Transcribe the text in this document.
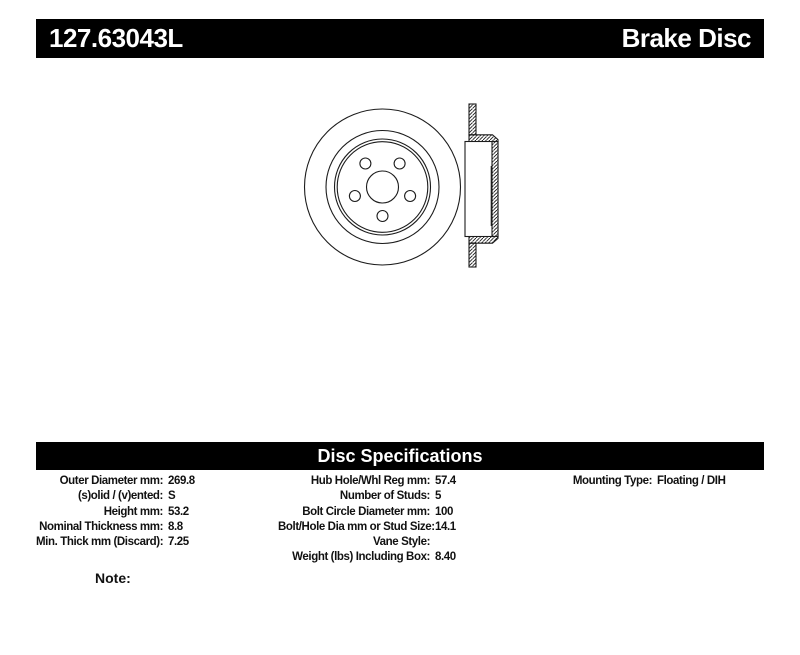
127.63043L	Brake Disc
Disc Specifications
Outer Diameter mm: 269.8
(s)olid / (v)ented: S
Height mm: 53.2
Nominal Thickness mm: 8.8
Min. Thick mm (Discard): 7.25
Hub Hole/Whl Reg mm: 57.4
Number of Studs: 5
Bolt Circle Diameter mm: 100
Bolt/Hole Dia mm or Stud Size: 14.1
Vane Style:
Weight (lbs) Including Box: 8.40
Mounting Type: Floating / DIH
Note:
